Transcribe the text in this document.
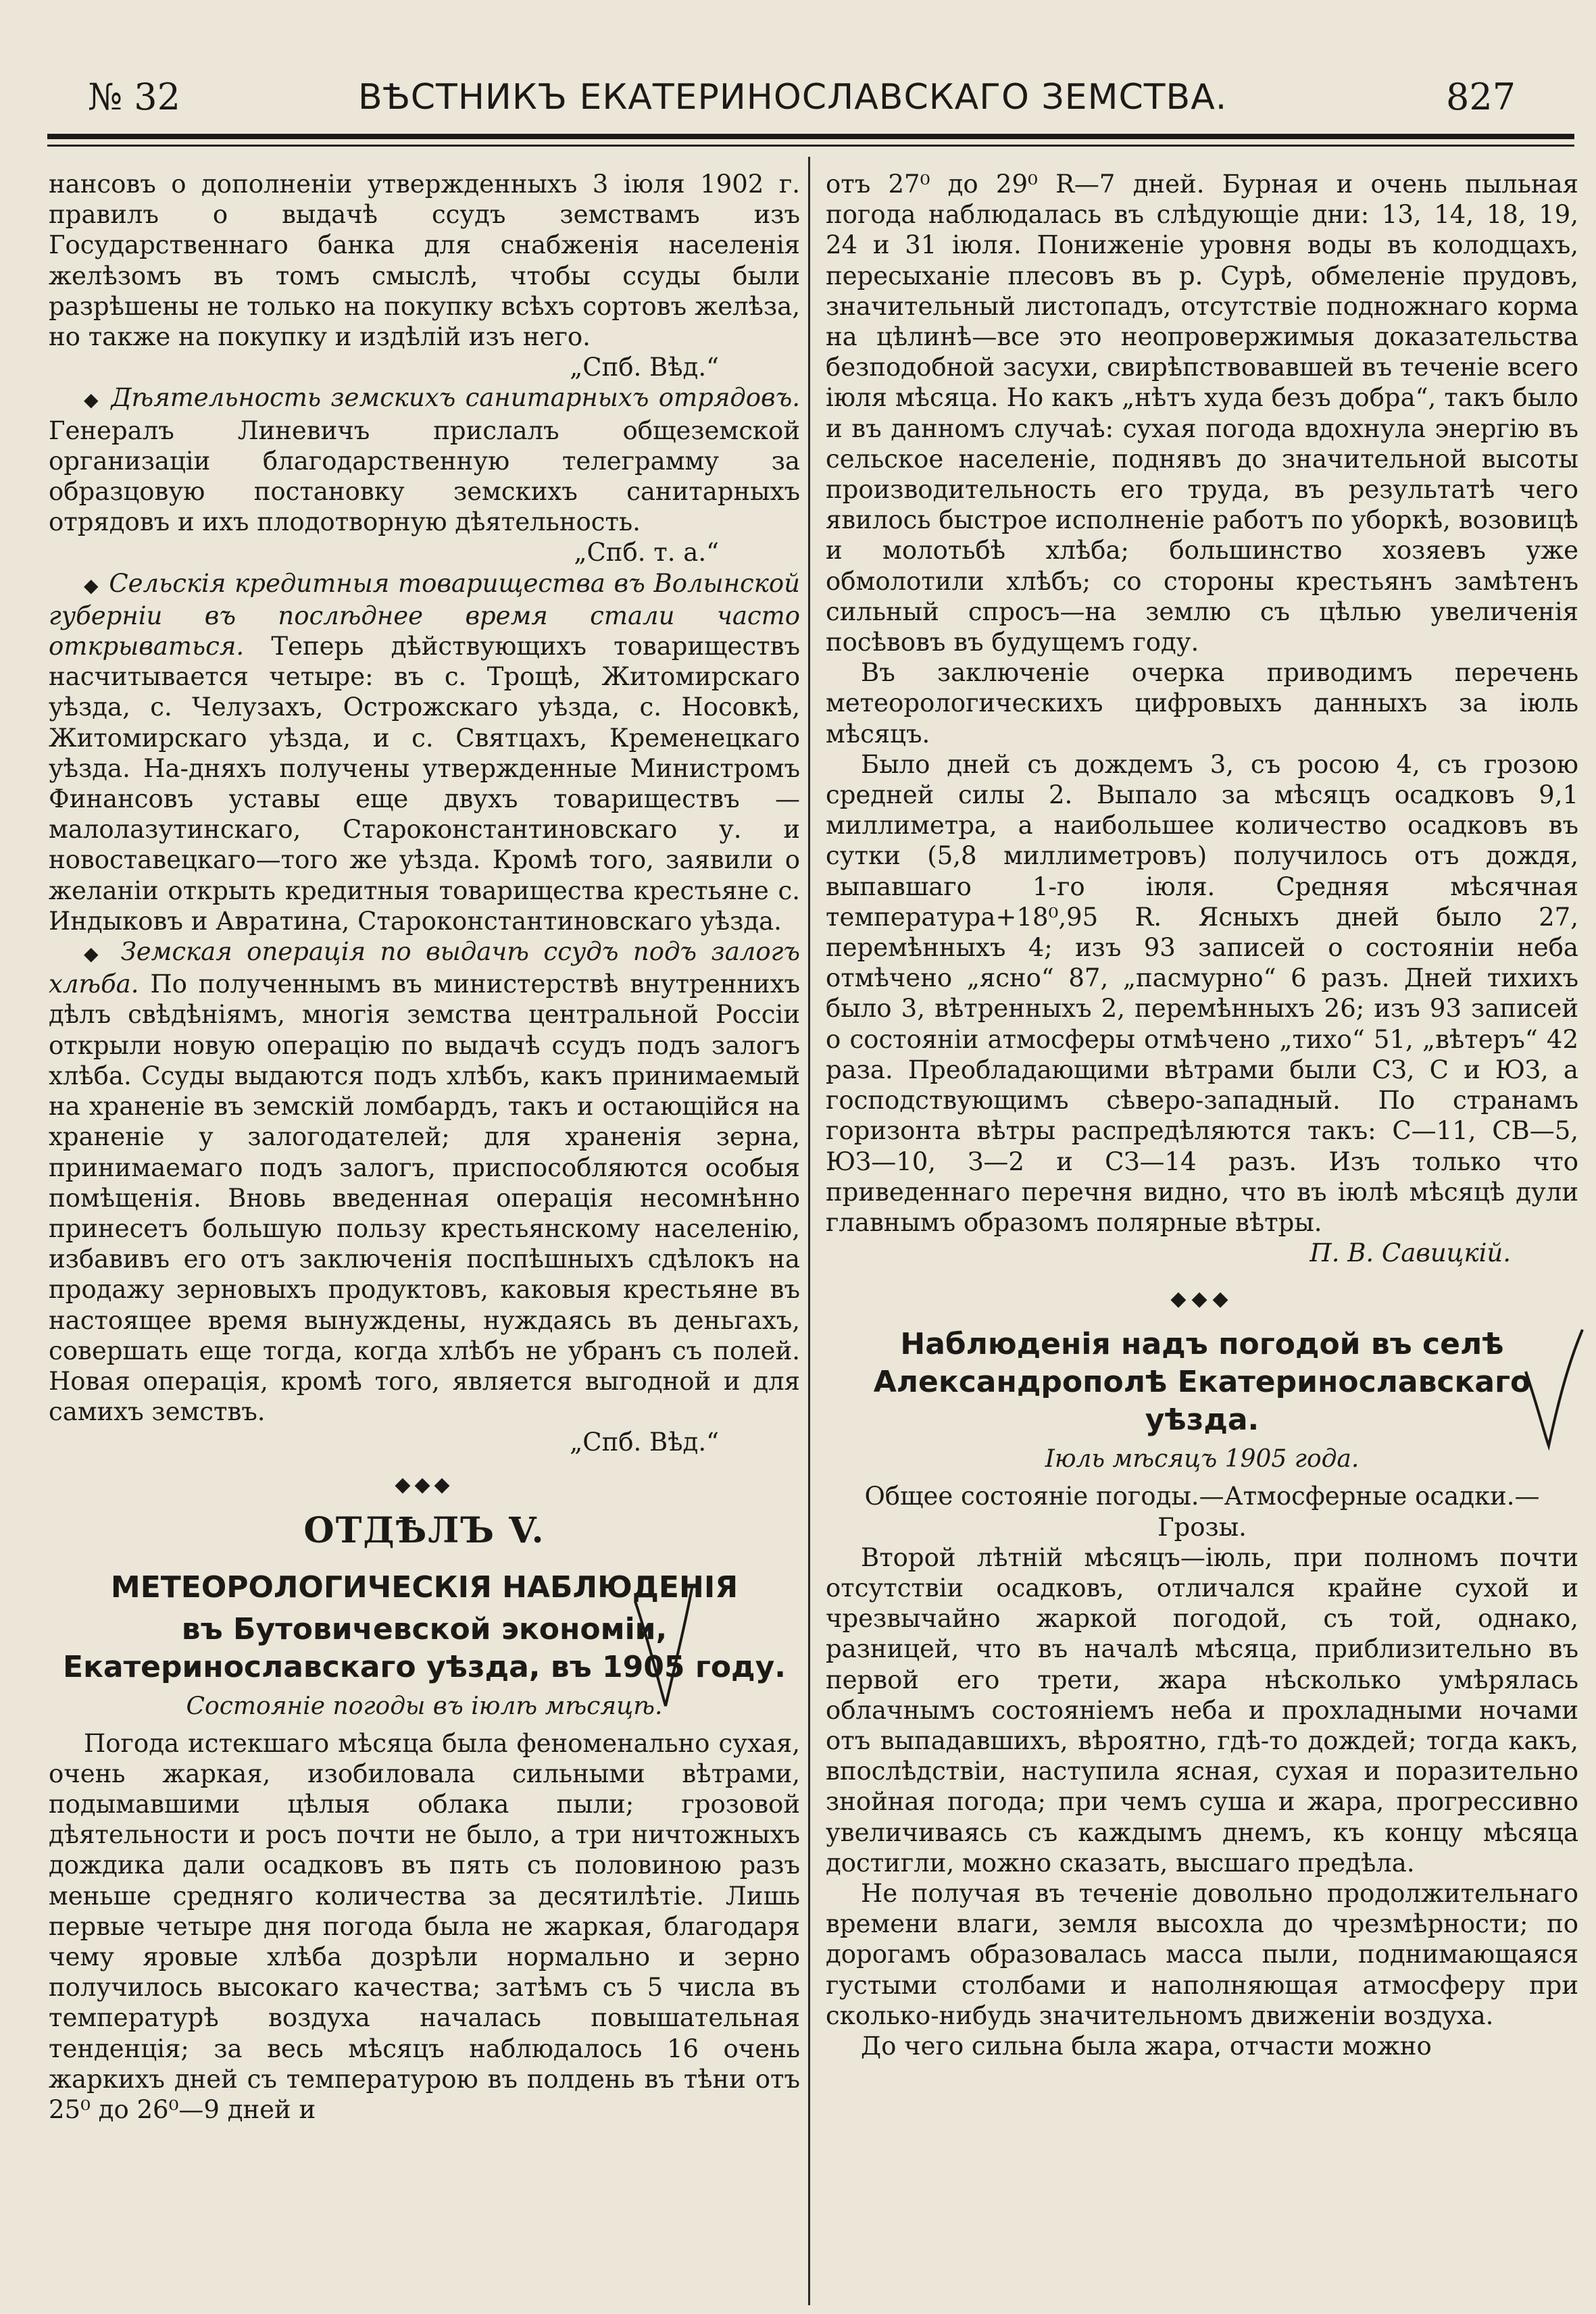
№ 32	ВѢСТНИКЪ ЕКАТЕРИНОСЛАВСКАГО ЗЕМСТВА.	827

нансовъ о дополненіи утвержденныхъ 3 іюля 1902 г. правилъ о выдачѣ ссудъ земствамъ изъ Государственнаго банка для снабженія населенія желѣзомъ въ томъ смыслѣ, чтобы ссуды были разрѣшены не только на покупку всѣхъ сортовъ желѣза, но также на покупку и издѣлій изъ него.

„Спб. Вѣд.“

◆ Дѣятельность земскихъ санитарныхъ отрядовъ. Генералъ Линевичъ прислалъ общеземской организаціи благодарственную телеграмму за образцовую постановку земскихъ санитарныхъ отрядовъ и ихъ плодотворную дѣятельность.

„Спб. т. а.“

◆ Сельскія кредитныя товарищества въ Волынской губерніи въ послѣднее время стали часто открываться. Теперь дѣйствующихъ товариществъ насчитывается четыре: въ с. Трощѣ, Житомирскаго уѣзда, с. Челузахъ, Острожскаго уѣзда, с. Носовкѣ, Житомирскаго уѣзда, и с. Святцахъ, Кременецкаго уѣзда. На-дняхъ получены утвержденные Министромъ Финансовъ уставы еще двухъ товариществъ — малолазутинскаго, Староконстантиновскаго у. и новоставецкаго—того же уѣзда. Кромѣ того, заявили о желаніи открыть кредитныя товарищества крестьяне с. Индыковъ и Авратина, Староконстантиновскаго уѣзда.

◆ Земская операція по выдачѣ ссудъ подъ залогъ хлѣба. По полученнымъ въ министерствѣ внутреннихъ дѣлъ свѣдѣніямъ, многія земства центральной Россіи открыли новую операцію по выдачѣ ссудъ подъ залогъ хлѣба. Ссуды выдаются подъ хлѣбъ, какъ принимаемый на храненіе въ земскій ломбардъ, такъ и остающійся на храненіе у залогодателей; для храненія зерна, принимаемаго подъ залогъ, приспособляются особыя помѣщенія. Вновь введенная операція несомнѣнно принесетъ большую пользу крестьянскому населенію, избавивъ его отъ заключенія поспѣшныхъ сдѣлокъ на продажу зерновыхъ продуктовъ, каковыя крестьяне въ настоящее время вынуждены, нуждаясь въ деньгахъ, совершать еще тогда, когда хлѣбъ не убранъ съ полей. Новая операція, кромѣ того, является выгодной и для самихъ земствъ.

„Спб. Вѣд.“

◆◆◆
ОТДѢЛЪ V.
МЕТЕОРОЛОГИЧЕСКІЯ НАБЛЮДЕНІЯ
въ Бутовичевской экономіи, Екатеринославскаго уѣзда, въ 1905 году.
Состояніе погоды въ іюлѣ мѣсяцѣ.

Погода истекшаго мѣсяца была феноменально сухая, очень жаркая, изобиловала сильными вѣтрами, подымавшими цѣлыя облака пыли; грозовой дѣятельности и росъ почти не было, а три ничтожныхъ дождика дали осадковъ въ пять съ половиною разъ меньше средняго количества за десятилѣтіе. Лишь первые четыре дня погода была не жаркая, благодаря чему яровые хлѣба дозрѣли нормально и зерно получилось высокаго качества; затѣмъ съ 5 числа въ температурѣ воздуха началась повышательная тенденція; за весь мѣсяцъ наблюдалось 16 очень жаркихъ дней съ температурою въ полдень въ тѣни отъ 25⁰ до 26⁰—9 дней и

отъ 27⁰ до 29⁰ R—7 дней. Бурная и очень пыльная погода наблюдалась въ слѣдующіе дни: 13, 14, 18, 19, 24 и 31 іюля. Пониженіе уровня воды въ колодцахъ, пересыханіе плесовъ въ р. Сурѣ, обмеленіе прудовъ, значительный листопадъ, отсутствіе подножнаго корма на цѣлинѣ—все это неопровержимыя доказательства безподобной засухи, свирѣпствовавшей въ теченіе всего іюля мѣсяца. Но какъ „нѣтъ худа безъ добра“, такъ было и въ данномъ случаѣ: сухая погода вдохнула энергію въ сельское населеніе, поднявъ до значительной высоты производительность его труда, въ результатѣ чего явилось быстрое исполненіе работъ по уборкѣ, возовицѣ и молотьбѣ хлѣба; большинство хозяевъ уже обмолотили хлѣбъ; со стороны крестьянъ замѣтенъ сильный спросъ—на землю съ цѣлью увеличенія посѣвовъ въ будущемъ году.

Въ заключеніе очерка приводимъ перечень метеорологическихъ цифровыхъ данныхъ за іюль мѣсяцъ.

Было дней съ дождемъ 3, съ росою 4, съ грозою средней силы 2. Выпало за мѣсяцъ осадковъ 9,1 миллиметра, а наибольшее количество осадковъ въ сутки (5,8 миллиметровъ) получилось отъ дождя, выпавшаго 1-го іюля. Средняя мѣсячная температура+18⁰,95 R. Ясныхъ дней было 27, перемѣнныхъ 4; изъ 93 записей о состояніи неба отмѣчено „ясно“ 87, „пасмурно“ 6 разъ. Дней тихихъ было 3, вѣтренныхъ 2, перемѣнныхъ 26; изъ 93 записей о состояніи атмосферы отмѣчено „тихо“ 51, „вѣтеръ“ 42 раза. Преобладающими вѣтрами были СЗ, С и ЮЗ, а господствующимъ сѣверо-западный. По странамъ горизонта вѣтры распредѣляются такъ: С—11, СВ—5, ЮЗ—10, З—2 и СЗ—14 разъ. Изъ только что приведеннаго перечня видно, что въ іюлѣ мѣсяцѣ дули главнымъ образомъ полярные вѣтры.

П. В. Савицкій.

◆◆◆
Наблюденія надъ погодой въ селѣ Александрополѣ Екатеринославскаго уѣзда.
Іюль мѣсяцъ 1905 года.

Общее состояніе погоды.—Атмосферные осадки.—Грозы.

Второй лѣтній мѣсяцъ—іюль, при полномъ почти отсутствіи осадковъ, отличался крайне сухой и чрезвычайно жаркой погодой, съ той, однако, разницей, что въ началѣ мѣсяца, приблизительно въ первой его трети, жара нѣсколько умѣрялась облачнымъ состояніемъ неба и прохладными ночами отъ выпадавшихъ, вѣроятно, гдѣ-то дождей; тогда какъ, впослѣдствіи, наступила ясная, сухая и поразительно знойная погода; при чемъ суша и жара, прогрессивно увеличиваясь съ каждымъ днемъ, къ концу мѣсяца достигли, можно сказать, высшаго предѣла.

Не получая въ теченіе довольно продолжительнаго времени влаги, земля высохла до чрезмѣрности; по дорогамъ образовалась масса пыли, поднимающаяся густыми столбами и наполняющая атмосферу при сколько-нибудь значительномъ движеніи воздуха.

До чего сильна была жара, отчасти можно
